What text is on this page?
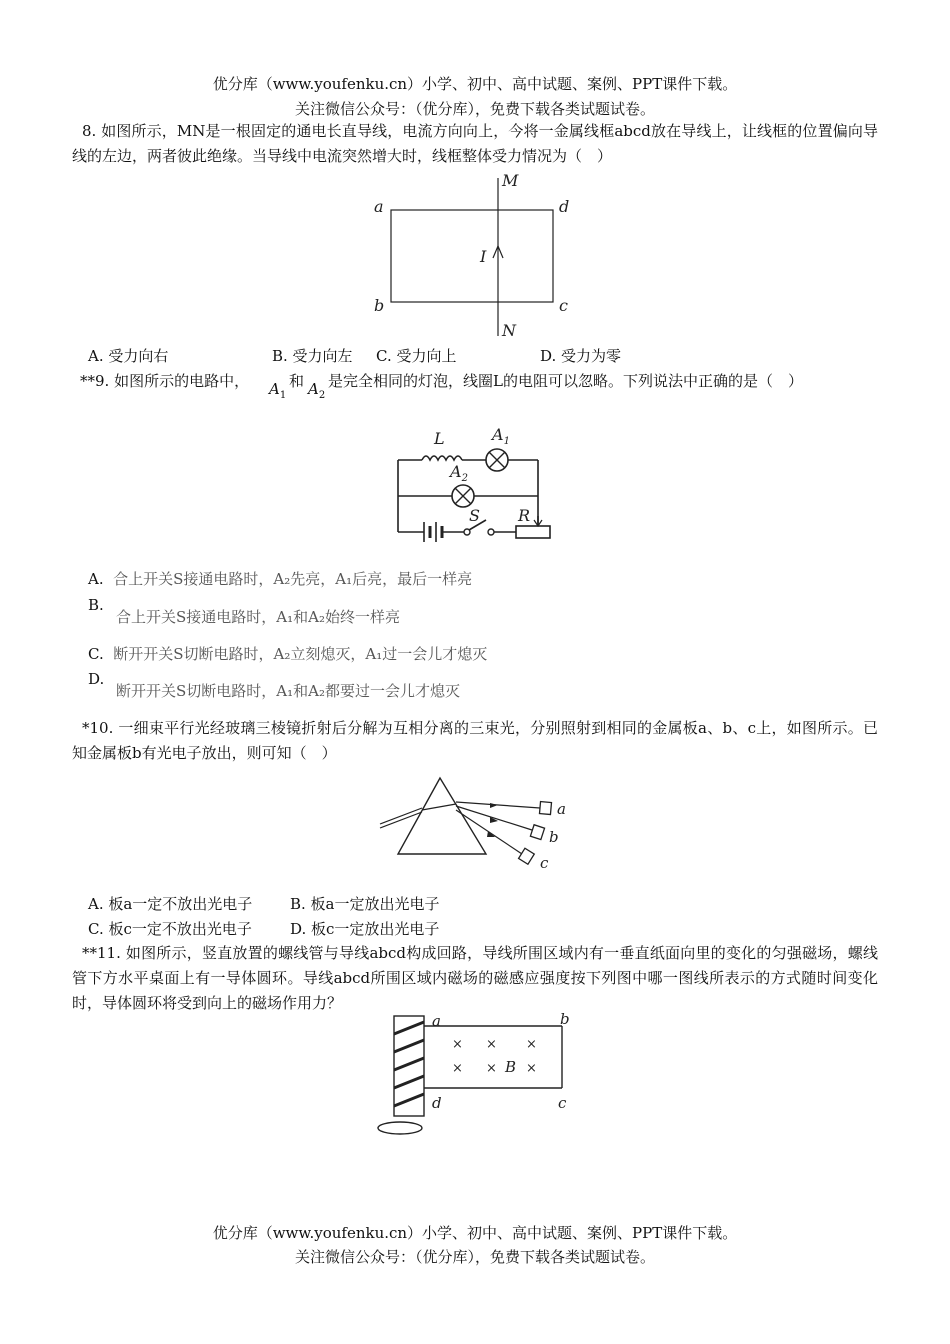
优分库（www.youfenku.cn）小学、初中、高中试题、案例、PPT课件下载。
关注微信公众号：（优分库），免费下载各类试题试卷。
8. 如图所示，MN是一根固定的通电长直导线，电流方向向上，今将一金属线框abcd放在导线上，让线框的位置偏向导线的左边，两者彼此绝缘。当导线中电流突然增大时，线框整体受力情况为（　）
M
N
a	d
b	c
I
A. 受力向右	B. 受力向左 C. 受力向上	D. 受力为零
**9. 如图所示的电路中， $A_1$
和 $A_2$
是完全相同的灯泡，线圈L的电阻可以忽略。下列说法中正确的是（　）
L	$A_1$
$A_2$
S R
A. 合上开关S接通电路时，A₂先亮，A₁后亮，最后一样亮
B.
合上开关S接通电路时，A₁和A₂始终一样亮
C. 断开开关S切断电路时，A₂立刻熄灭，A₁过一会儿才熄灭
D.
断开开关S切断电路时，A₁和A₂都要过一会儿才熄灭
*10. 一细束平行光经玻璃三棱镜折射后分解为互相分离的三束光，分别照射到相同的金属板a、b、c上，如图所示。已知金属板b有光电子放出，则可知（　）
a
b
c
A. 板a一定不放出光电子	B. 板a一定放出光电子
C. 板c一定不放出光电子	D. 板c一定放出光电子
**11. 如图所示，竖直放置的螺线管与导线abcd构成回路，导线所围区域内有一垂直纸面向里的变化的匀强磁场，螺线管下方水平桌面上有一导体圆环。导线abcd所围区域内磁场的磁感应强度按下列图中哪一图线所表示的方式随时间变化时，导体圆环将受到向上的磁场作用力？
a	b
d	c
× × ×
× × ×
B
优分库（www.youfenku.cn）小学、初中、高中试题、案例、PPT课件下载。
关注微信公众号：（优分库），免费下载各类试题试卷。
